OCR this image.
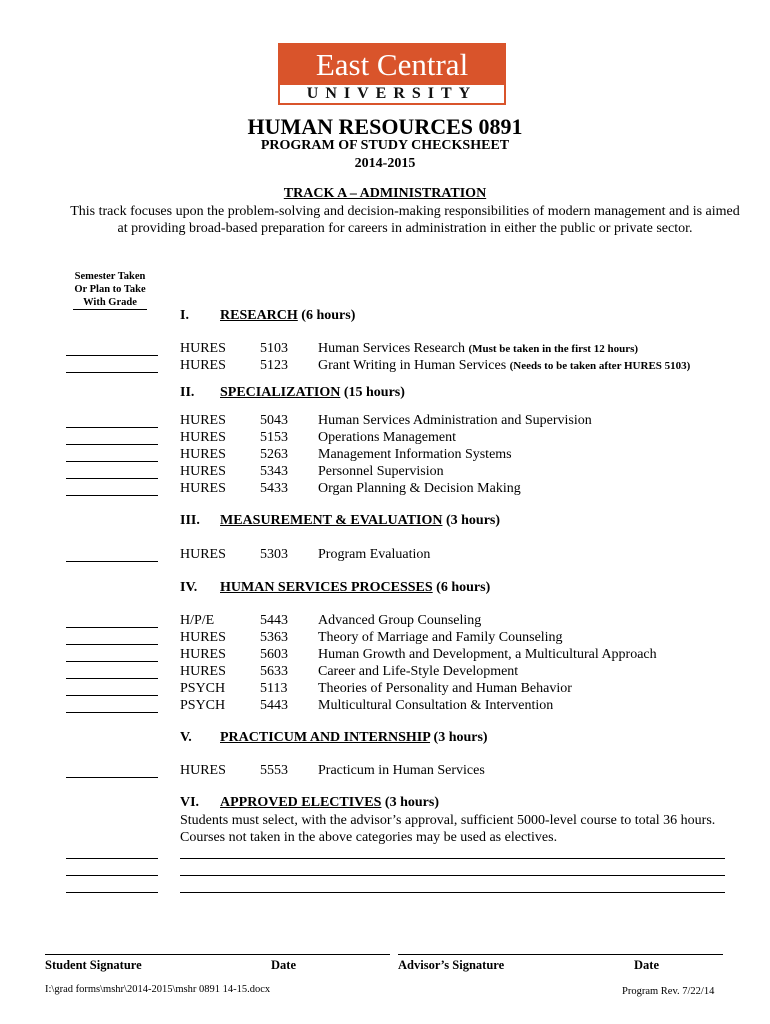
East Central
UNIVERSITY
HUMAN RESOURCES 0891
PROGRAM OF STUDY CHECKSHEET
2014-2015
TRACK A – ADMINISTRATION
This track focuses upon the problem-solving and decision-making responsibilities of modern management and is aimed at providing broad-based preparation for careers in administration in either the public or private sector.
Semester Taken
Or Plan to Take
With Grade
I. RESEARCH (6 hours)
HURES 5103 Human Services Research (Must be taken in the first 12 hours)
HURES 5123 Grant Writing in Human Services (Needs to be taken after HURES 5103)
II. SPECIALIZATION (15 hours)
HURES 5043 Human Services Administration and Supervision
HURES 5153 Operations Management
HURES 5263 Management Information Systems
HURES 5343 Personnel Supervision
HURES 5433 Organ Planning & Decision Making
III. MEASUREMENT & EVALUATION (3 hours)
HURES 5303 Program Evaluation
IV. HUMAN SERVICES PROCESSES (6 hours)
H/P/E	5443 Advanced Group Counseling
HURES 5363 Theory of Marriage and Family Counseling
HURES 5603 Human Growth and Development, a Multicultural Approach
HURES 5633 Career and Life-Style Development
PSYCH 5113 Theories of Personality and Human Behavior
PSYCH 5443 Multicultural Consultation & Intervention
V. PRACTICUM AND INTERNSHIP (3 hours)
HURES 5553 Practicum in Human Services
VI. APPROVED ELECTIVES (3 hours)
Students must select, with the advisor’s approval, sufficient 5000-level course to total 36 hours. Courses not taken in the above categories may be used as electives.
Student Signature	Date	Advisor’s Signature	Date
I:\grad forms\mshr\2014-2015\mshr 0891 14-15.docx	Program Rev. 7/22/14
